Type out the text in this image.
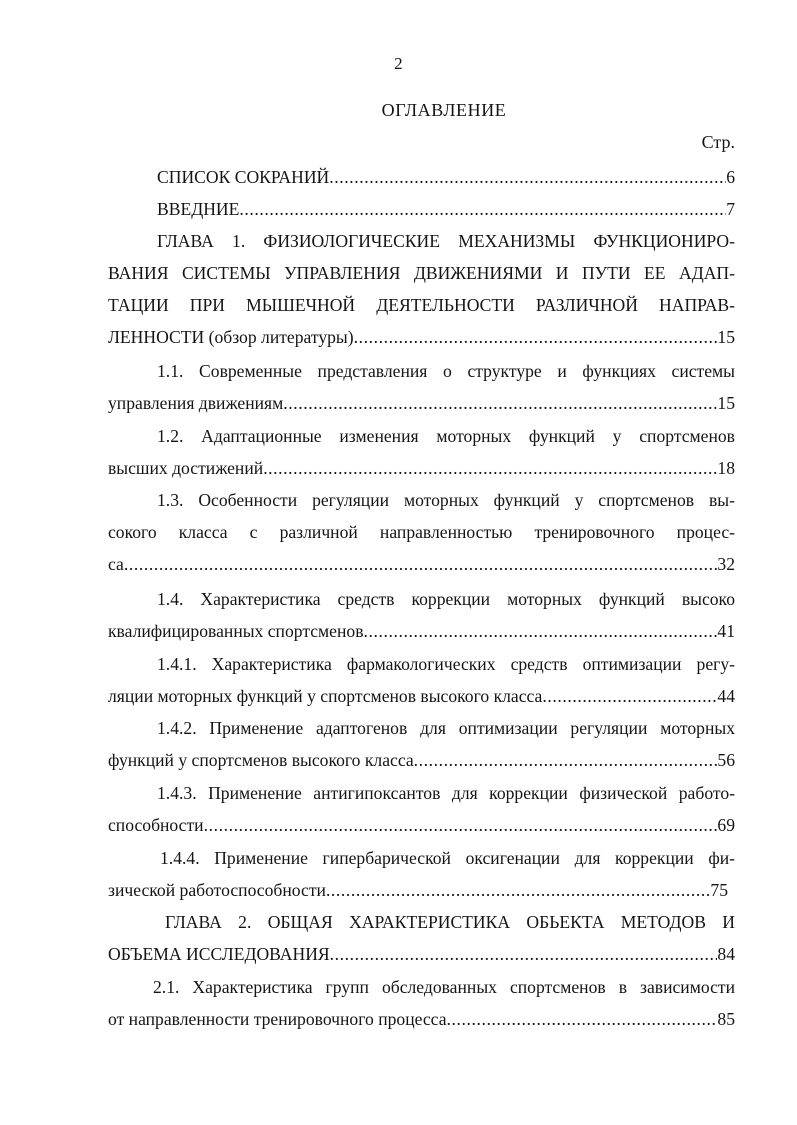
2
ОГЛАВЛЕНИЕ
Стр.
СПИСОК СОКРАНИЙ .....	6
ВВЕДНИЕ .....	7
ГЛАВА 1. ФИЗИОЛОГИЧЕСКИЕ МЕХАНИЗМЫ ФУНКЦИОНИРО-
ВАНИЯ СИСТЕМЫ УПРАВЛЕНИЯ ДВИЖЕНИЯМИ И ПУТИ ЕЕ АДАП-
ТАЦИИ ПРИ МЫШЕЧНОЙ ДЕЯТЕЛЬНОСТИ РАЗЛИЧНОЙ НАПРАВ-
ЛЕННОСТИ (обзор литературы) .....	15
1.1. Современные представления о структуре и функциях системы
управления движениям .....	15
1.2. Адаптационные изменения моторных функций у спортсменов
высших достижений .....	18
1.3. Особенности регуляции моторных функций у спортсменов вы-
сокого класса с различной направленностью тренировочного процес-
са .....	32
1.4. Характеристика средств коррекции моторных функций высоко
квалифицированных спортсменов .....	41
1.4.1. Характеристика фармакологических средств оптимизации регу-
ляции моторных функций у спортсменов высокого класса .....	44
1.4.2. Применение адаптогенов для оптимизации регуляции моторных
функций у спортсменов высокого класса .....	56
1.4.3. Применение антигипоксантов для коррекции физической работо-
способности .....	69
1.4.4. Применение гипербарической оксигенации для коррекции фи-
зической работоспособности .....	75
ГЛАВА 2. ОБЩАЯ ХАРАКТЕРИСТИКА ОБЬЕКТА МЕТОДОВ И
ОБЪЕМА ИССЛЕДОВАНИЯ .....	84
2.1. Характеристика групп обследованных спортсменов в зависимости
от направленности тренировочного процесса .....	85
